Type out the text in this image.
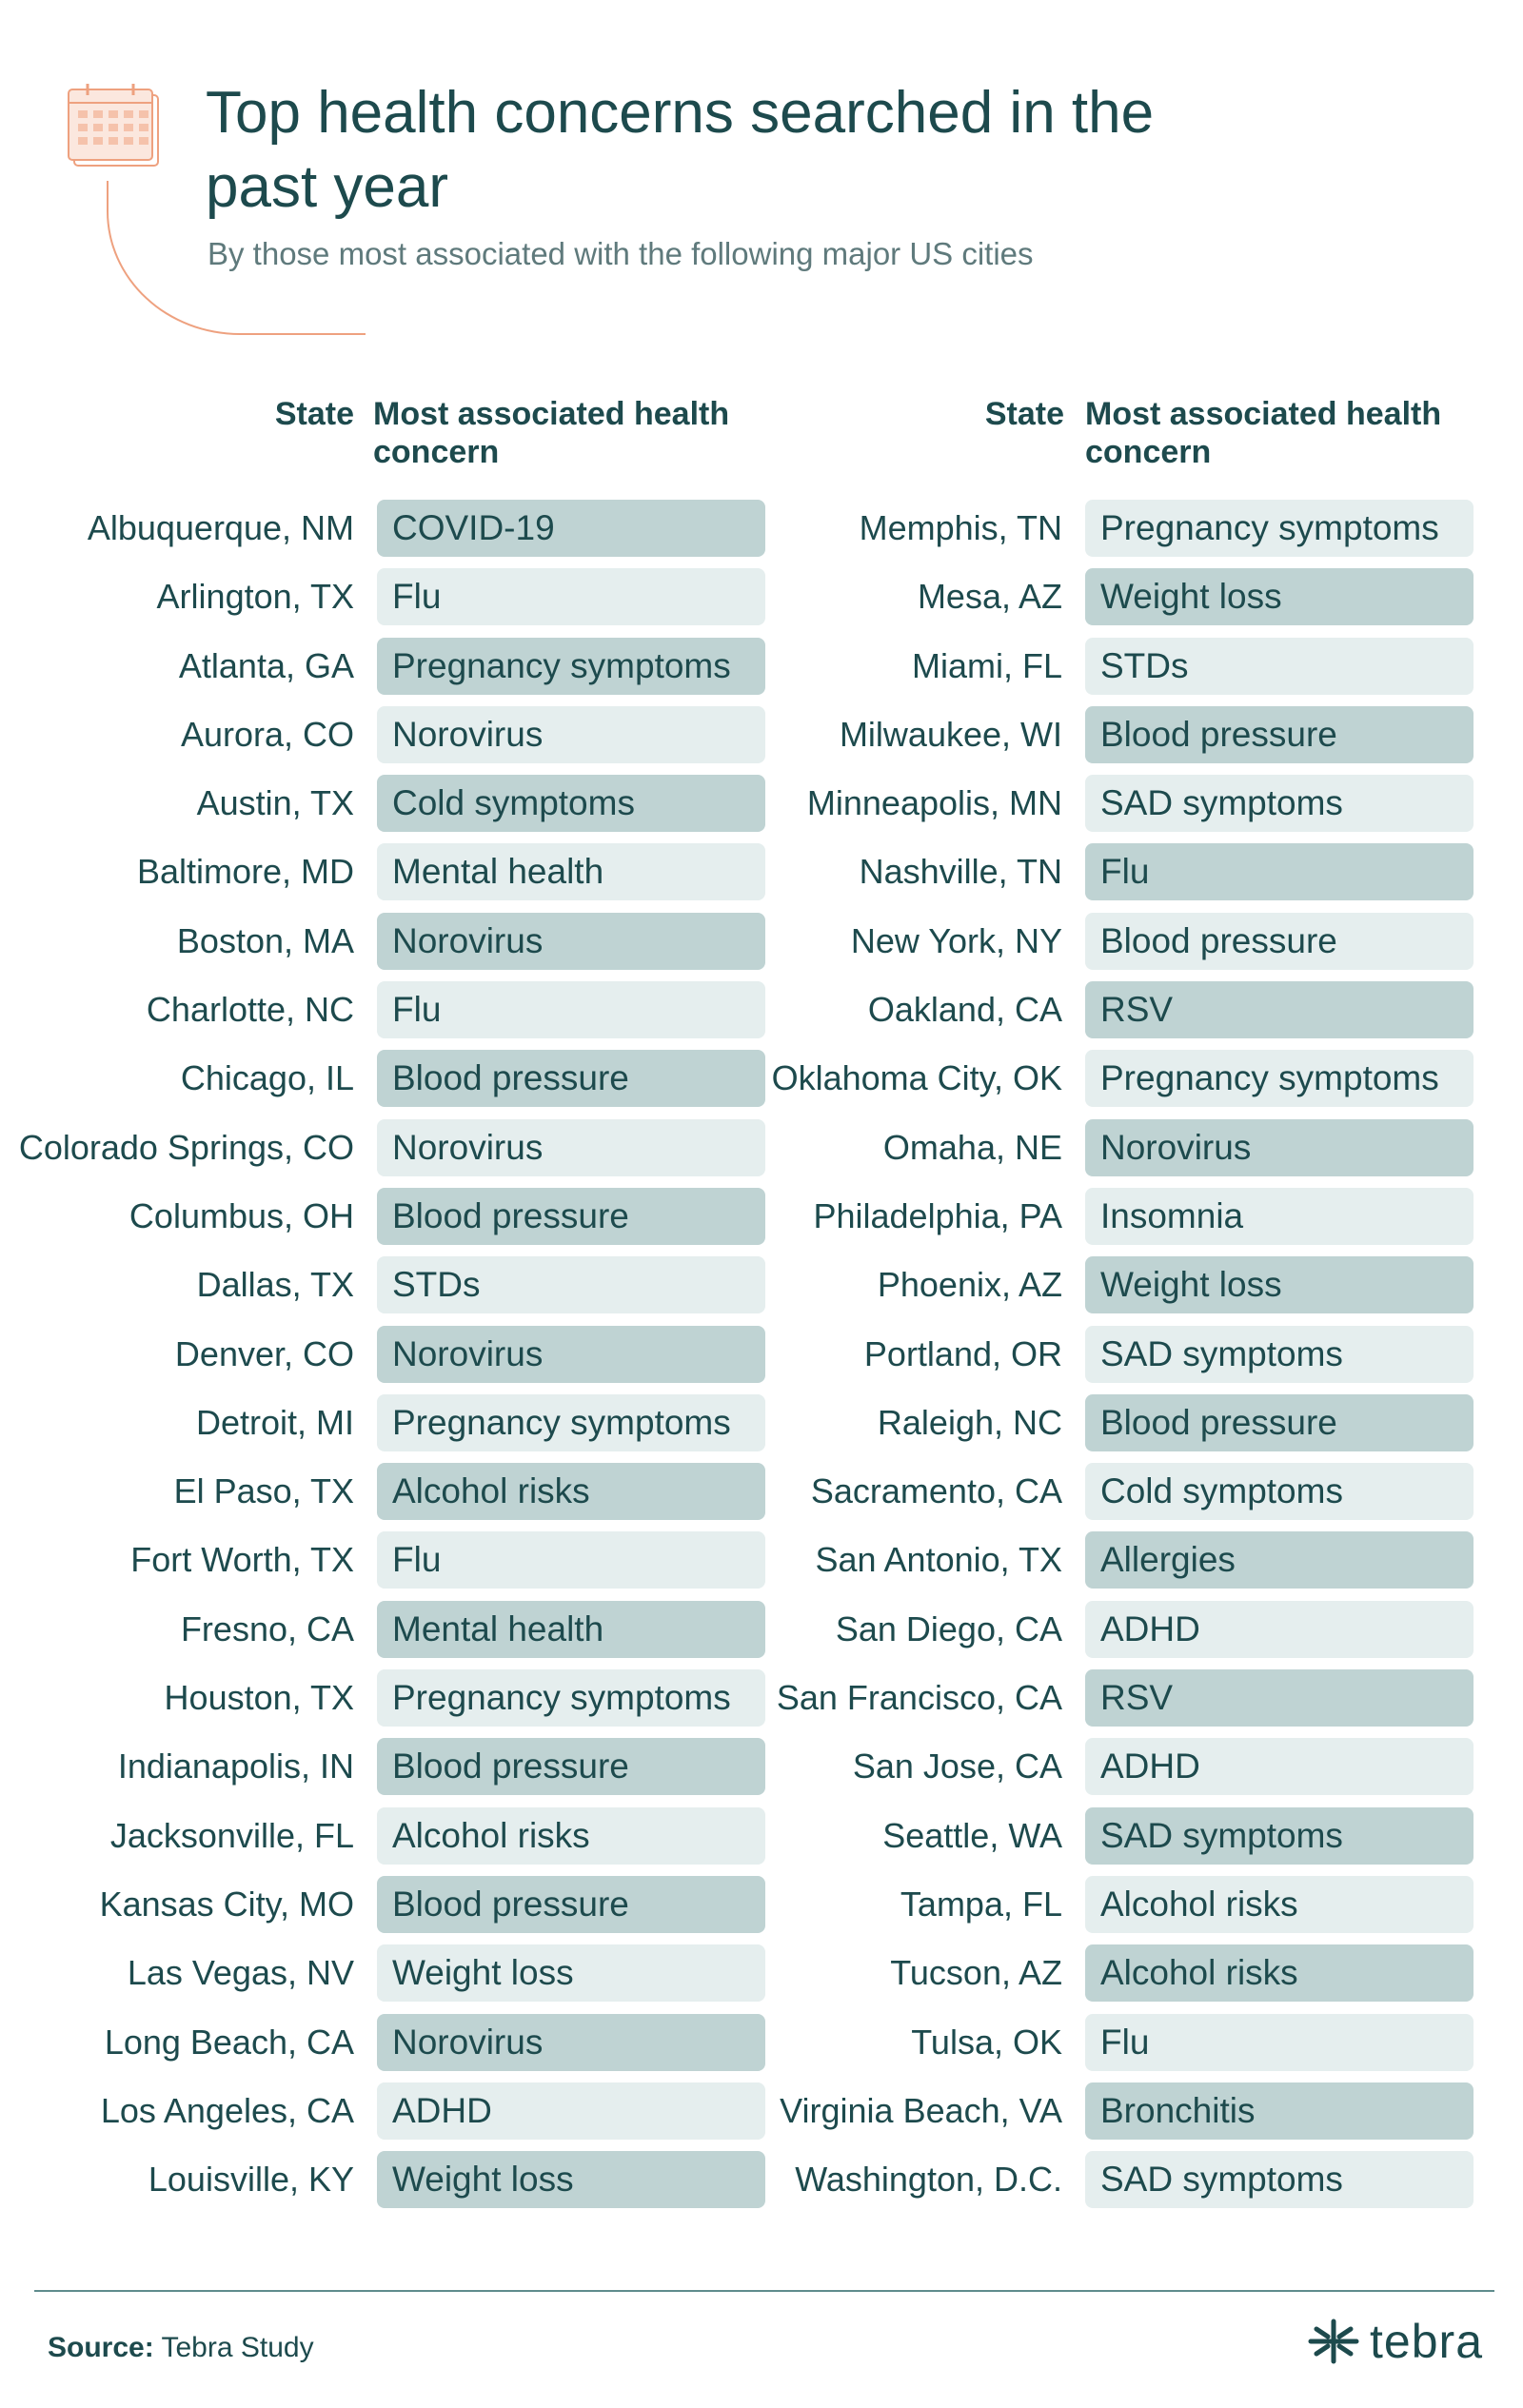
Top health concerns searched in the past year
By those most associated with the following major US cities
State Most associated health concern
State Most associated health concern
Albuquerque, NM	COVID-19
Arlington, TX	Flu
Atlanta, GA	Pregnancy symptoms
Aurora, CO	Norovirus
Austin, TX	Cold symptoms
Baltimore, MD	Mental health
Boston, MA	Norovirus
Charlotte, NC	Flu
Chicago, IL	Blood pressure
Colorado Springs, CO	Norovirus
Columbus, OH	Blood pressure
Dallas, TX	STDs
Denver, CO	Norovirus
Detroit, MI	Pregnancy symptoms
El Paso, TX	Alcohol risks
Fort Worth, TX	Flu
Fresno, CA	Mental health
Houston, TX	Pregnancy symptoms
Indianapolis, IN	Blood pressure
Jacksonville, FL	Alcohol risks
Kansas City, MO	Blood pressure
Las Vegas, NV	Weight loss
Long Beach, CA	Norovirus
Los Angeles, CA	ADHD
Louisville, KY	Weight loss
Memphis, TN	Pregnancy symptoms
Mesa, AZ	Weight loss
Miami, FL	STDs
Milwaukee, WI	Blood pressure
Minneapolis, MN	SAD symptoms
Nashville, TN	Flu
New York, NY	Blood pressure
Oakland, CA	RSV
Oklahoma City, OK	Pregnancy symptoms
Omaha, NE	Norovirus
Philadelphia, PA	Insomnia
Phoenix, AZ	Weight loss
Portland, OR	SAD symptoms
Raleigh, NC	Blood pressure
Sacramento, CA	Cold symptoms
San Antonio, TX	Allergies
San Diego, CA	ADHD
San Francisco, CA	RSV
San Jose, CA	ADHD
Seattle, WA	SAD symptoms
Tampa, FL	Alcohol risks
Tucson, AZ	Alcohol risks
Tulsa, OK	Flu
Virginia Beach, VA	Bronchitis
Washington, D.C.	SAD symptoms
Source: Tebra Study	tebra
